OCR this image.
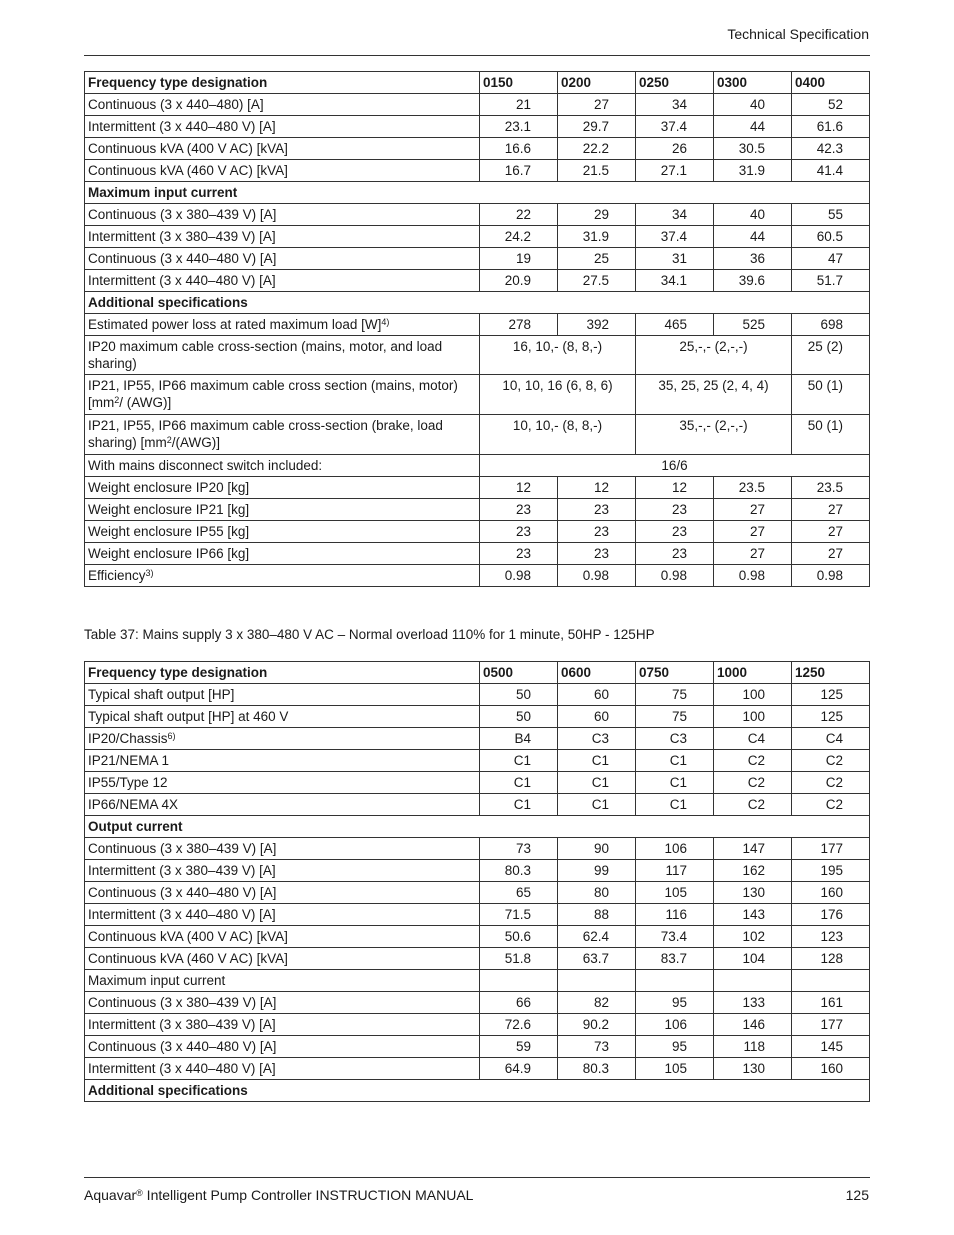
Technical Specification
Frequency type designation	0150	0200	0250	0300	0400
Continuous (3 x 440–480) [A]	21	27	34	40	52
Intermittent (3 x 440–480 V) [A]	23.1	29.7	37.4	44	61.6
Continuous kVA (400 V AC) [kVA]	16.6	22.2	26	30.5	42.3
Continuous kVA (460 V AC) [kVA]	16.7	21.5	27.1	31.9	41.4
Maximum input current					
Continuous (3 x 380–439 V) [A]	22	29	34	40	55
Intermittent (3 x 380–439 V) [A]	24.2	31.9	37.4	44	60.5
Continuous (3 x 440–480 V) [A]	19	25	31	36	47
Intermittent (3 x 440–480 V) [A]	20.9	27.5	34.1	39.6	51.7
Additional specifications					
Estimated power loss at rated maximum load $[W]^{4)}$	278	392	465	525	698
IP20 maximum cable cross-section (mains, motor, and load sharing)	16, 10,- (8, 8,-)		25,-,- (2,-,-)		25 (2)
IP21, IP55, IP66 maximum cable cross section (mains, motor) [$mm^2/$ (AWG)]	10, 10, 16 (6, 8, 6)		35, 25, 25 (2, 4, 4)		50 (1)
IP21, IP55, IP66 maximum cable cross-section (brake, load sharing) $[mm^2/(AWG)]$	10, 10,- (8, 8,-)		35,-,- (2,-,-)		50 (1)
With mains disconnect switch included:	16/6				
Weight enclosure IP20 [kg]	12	12	12	23.5	23.5
Weight enclosure IP21 [kg]	23	23	23	27	27
Weight enclosure IP55 [kg]	23	23	23	27	27
Weight enclosure IP66 [kg]	23	23	23	27	27
Efficiency$^{3)}$	0.98	0.98	0.98	0.98	0.98
Table 37: Mains supply 3 x 380–480 V AC – Normal overload 110% for 1 minute, 50HP - 125HP
Frequency type designation	0500	0600	0750	1000	1250
Typical shaft output [HP]	50	60	75	100	125
Typical shaft output [HP] at 460 V	50	60	75	100	125
IP20/Chassis$^{6)}$	B4	C3	C3	C4	C4
IP21/NEMA 1	C1	C1	C1	C2	C2
IP55/Type 12	C1	C1	C1	C2	C2
IP66/NEMA 4X	C1	C1	C1	C2	C2
Output current					
Continuous (3 x 380–439 V) [A]	73	90	106	147	177
Intermittent (3 x 380–439 V) [A]	80.3	99	117	162	195
Continuous (3 x 440–480 V) [A]	65	80	105	130	160
Intermittent (3 x 440–480 V) [A]	71.5	88	116	143	176
Continuous kVA (400 V AC) [kVA]	50.6	62.4	73.4	102	123
Continuous kVA (460 V AC) [kVA]	51.8	63.7	83.7	104	128
Maximum input current					
Continuous (3 x 380–439 V) [A]	66	82	95	133	161
Intermittent (3 x 380–439 V) [A]	72.6	90.2	106	146	177
Continuous (3 x 440–480 V) [A]	59	73	95	118	145
Intermittent (3 x 440–480 V) [A]	64.9	80.3	105	130	160
Additional specifications					
Aquavar® Intelligent Pump Controller INSTRUCTION MANUAL	125
